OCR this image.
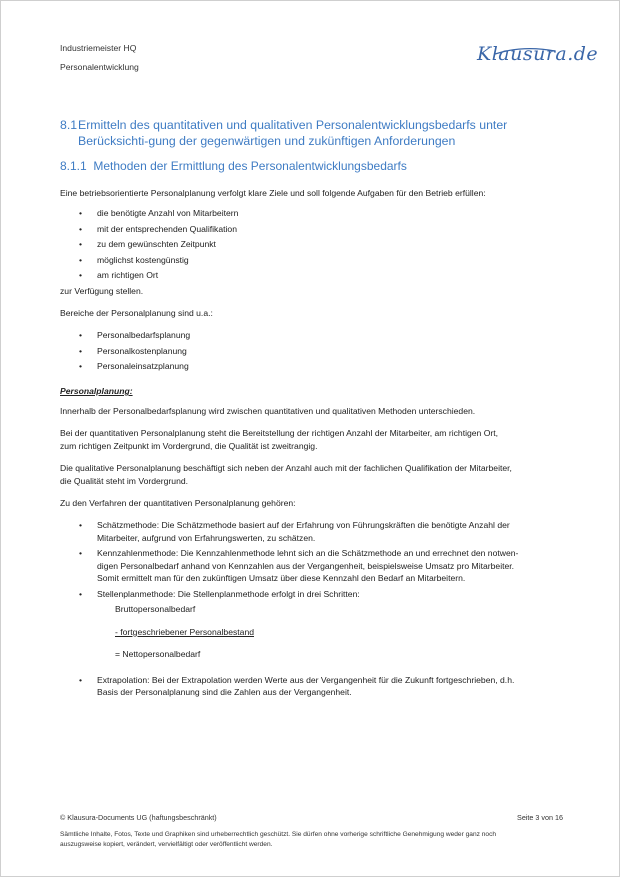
Industriemeister HQ
Personalentwicklung
Klausura.de
8.1 Ermitteln des quantitativen und qualitativen Personalentwicklungsbedarfs unter Berücksichti-gung der gegenwärtigen und zukünftigen Anforderungen
8.1.1 Methoden der Ermittlung des Personalentwicklungsbedarfs
Eine betriebsorientierte Personalplanung verfolgt klare Ziele und soll folgende Aufgaben für den Betrieb erfüllen:
• die benötigte Anzahl von Mitarbeitern
• mit der entsprechenden Qualifikation
• zu dem gewünschten Zeitpunkt
• möglichst kostengünstig
• am richtigen Ort
zur Verfügung stellen.
Bereiche der Personalplanung sind u.a.:
• Personalbedarfsplanung
• Personalkostenplanung
• Personaleinsatzplanung
Personalplanung:
Innerhalb der Personalbedarfsplanung wird zwischen quantitativen und qualitativen Methoden unterschieden.
Bei der quantitativen Personalplanung steht die Bereitstellung der richtigen Anzahl der Mitarbeiter, am richtigen Ort,
zum richtigen Zeitpunkt im Vordergrund, die Qualität ist zweitrangig.
Die qualitative Personalplanung beschäftigt sich neben der Anzahl auch mit der fachlichen Qualifikation der Mitarbeiter,
die Qualität steht im Vordergrund.
Zu den Verfahren der quantitativen Personalplanung gehören:
• Schätzmethode: Die Schätzmethode basiert auf der Erfahrung von Führungskräften die benötigte Anzahl der
Mitarbeiter, aufgrund von Erfahrungswerten, zu schätzen.
• Kennzahlenmethode: Die Kennzahlenmethode lehnt sich an die Schätzmethode an und errechnet den notwen-
digen Personalbedarf anhand von Kennzahlen aus der Vergangenheit, beispielsweise Umsatz pro Mitarbeiter.
Somit ermittelt man für den zukünftigen Umsatz über diese Kennzahl den Bedarf an Mitarbeitern.
• Stellenplanmethode: Die Stellenplanmethode erfolgt in drei Schritten:
Bruttopersonalbedarf
- fortgeschriebener Personalbestand
= Nettopersonalbedarf
• Extrapolation: Bei der Extrapolation werden Werte aus der Vergangenheit für die Zukunft fortgeschrieben, d.h.
Basis der Personalplanung sind die Zahlen aus der Vergangenheit.
© Klausura-Documents UG (haftungsbeschränkt)	Seite 3 von 16
Sämtliche Inhalte, Fotos, Texte und Graphiken sind urheberrechtlich geschützt. Sie dürfen ohne vorherige schriftliche Genehmigung weder ganz noch
auszugsweise kopiert, verändert, vervielfältigt oder veröffentlicht werden.
